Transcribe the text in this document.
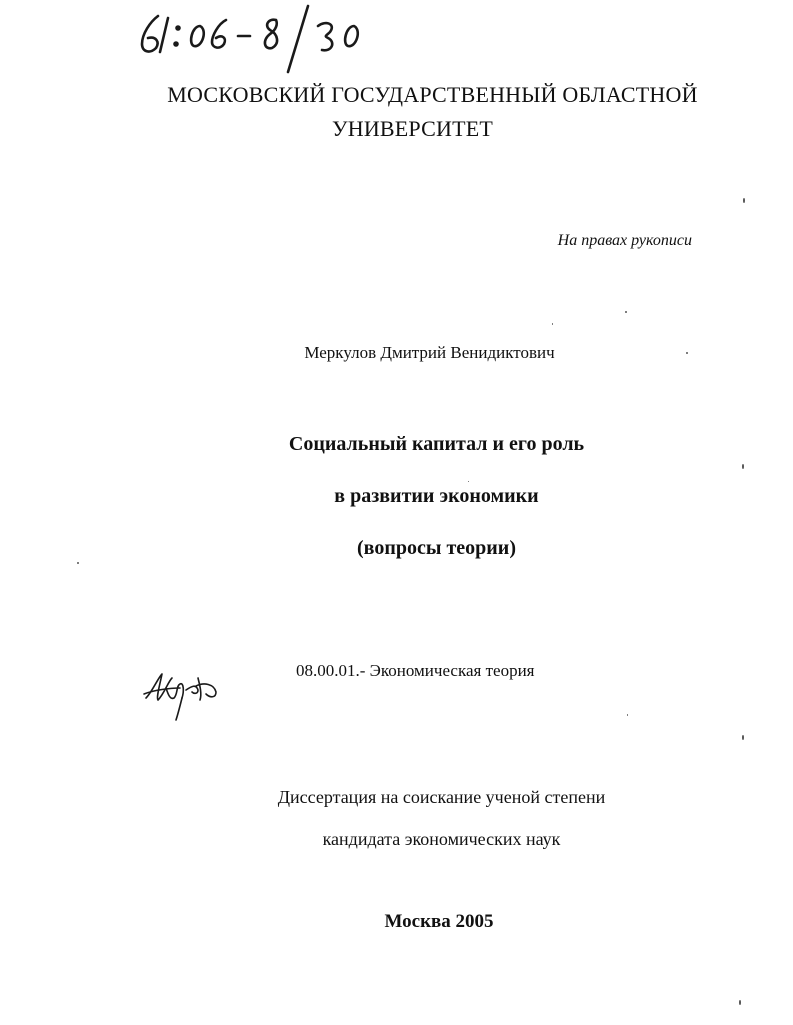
МОСКОВСКИЙ ГОСУДАРСТВЕННЫЙ ОБЛАСТНОЙ
УНИВЕРСИТЕТ
На правах рукописи
Меркулов Дмитрий Венидиктович
Социальный капитал и его роль
в развитии экономики
(вопросы теории)
08.00.01.- Экономическая теория
Диссертация на соискание ученой степени
кандидата экономических наук
Москва 2005
